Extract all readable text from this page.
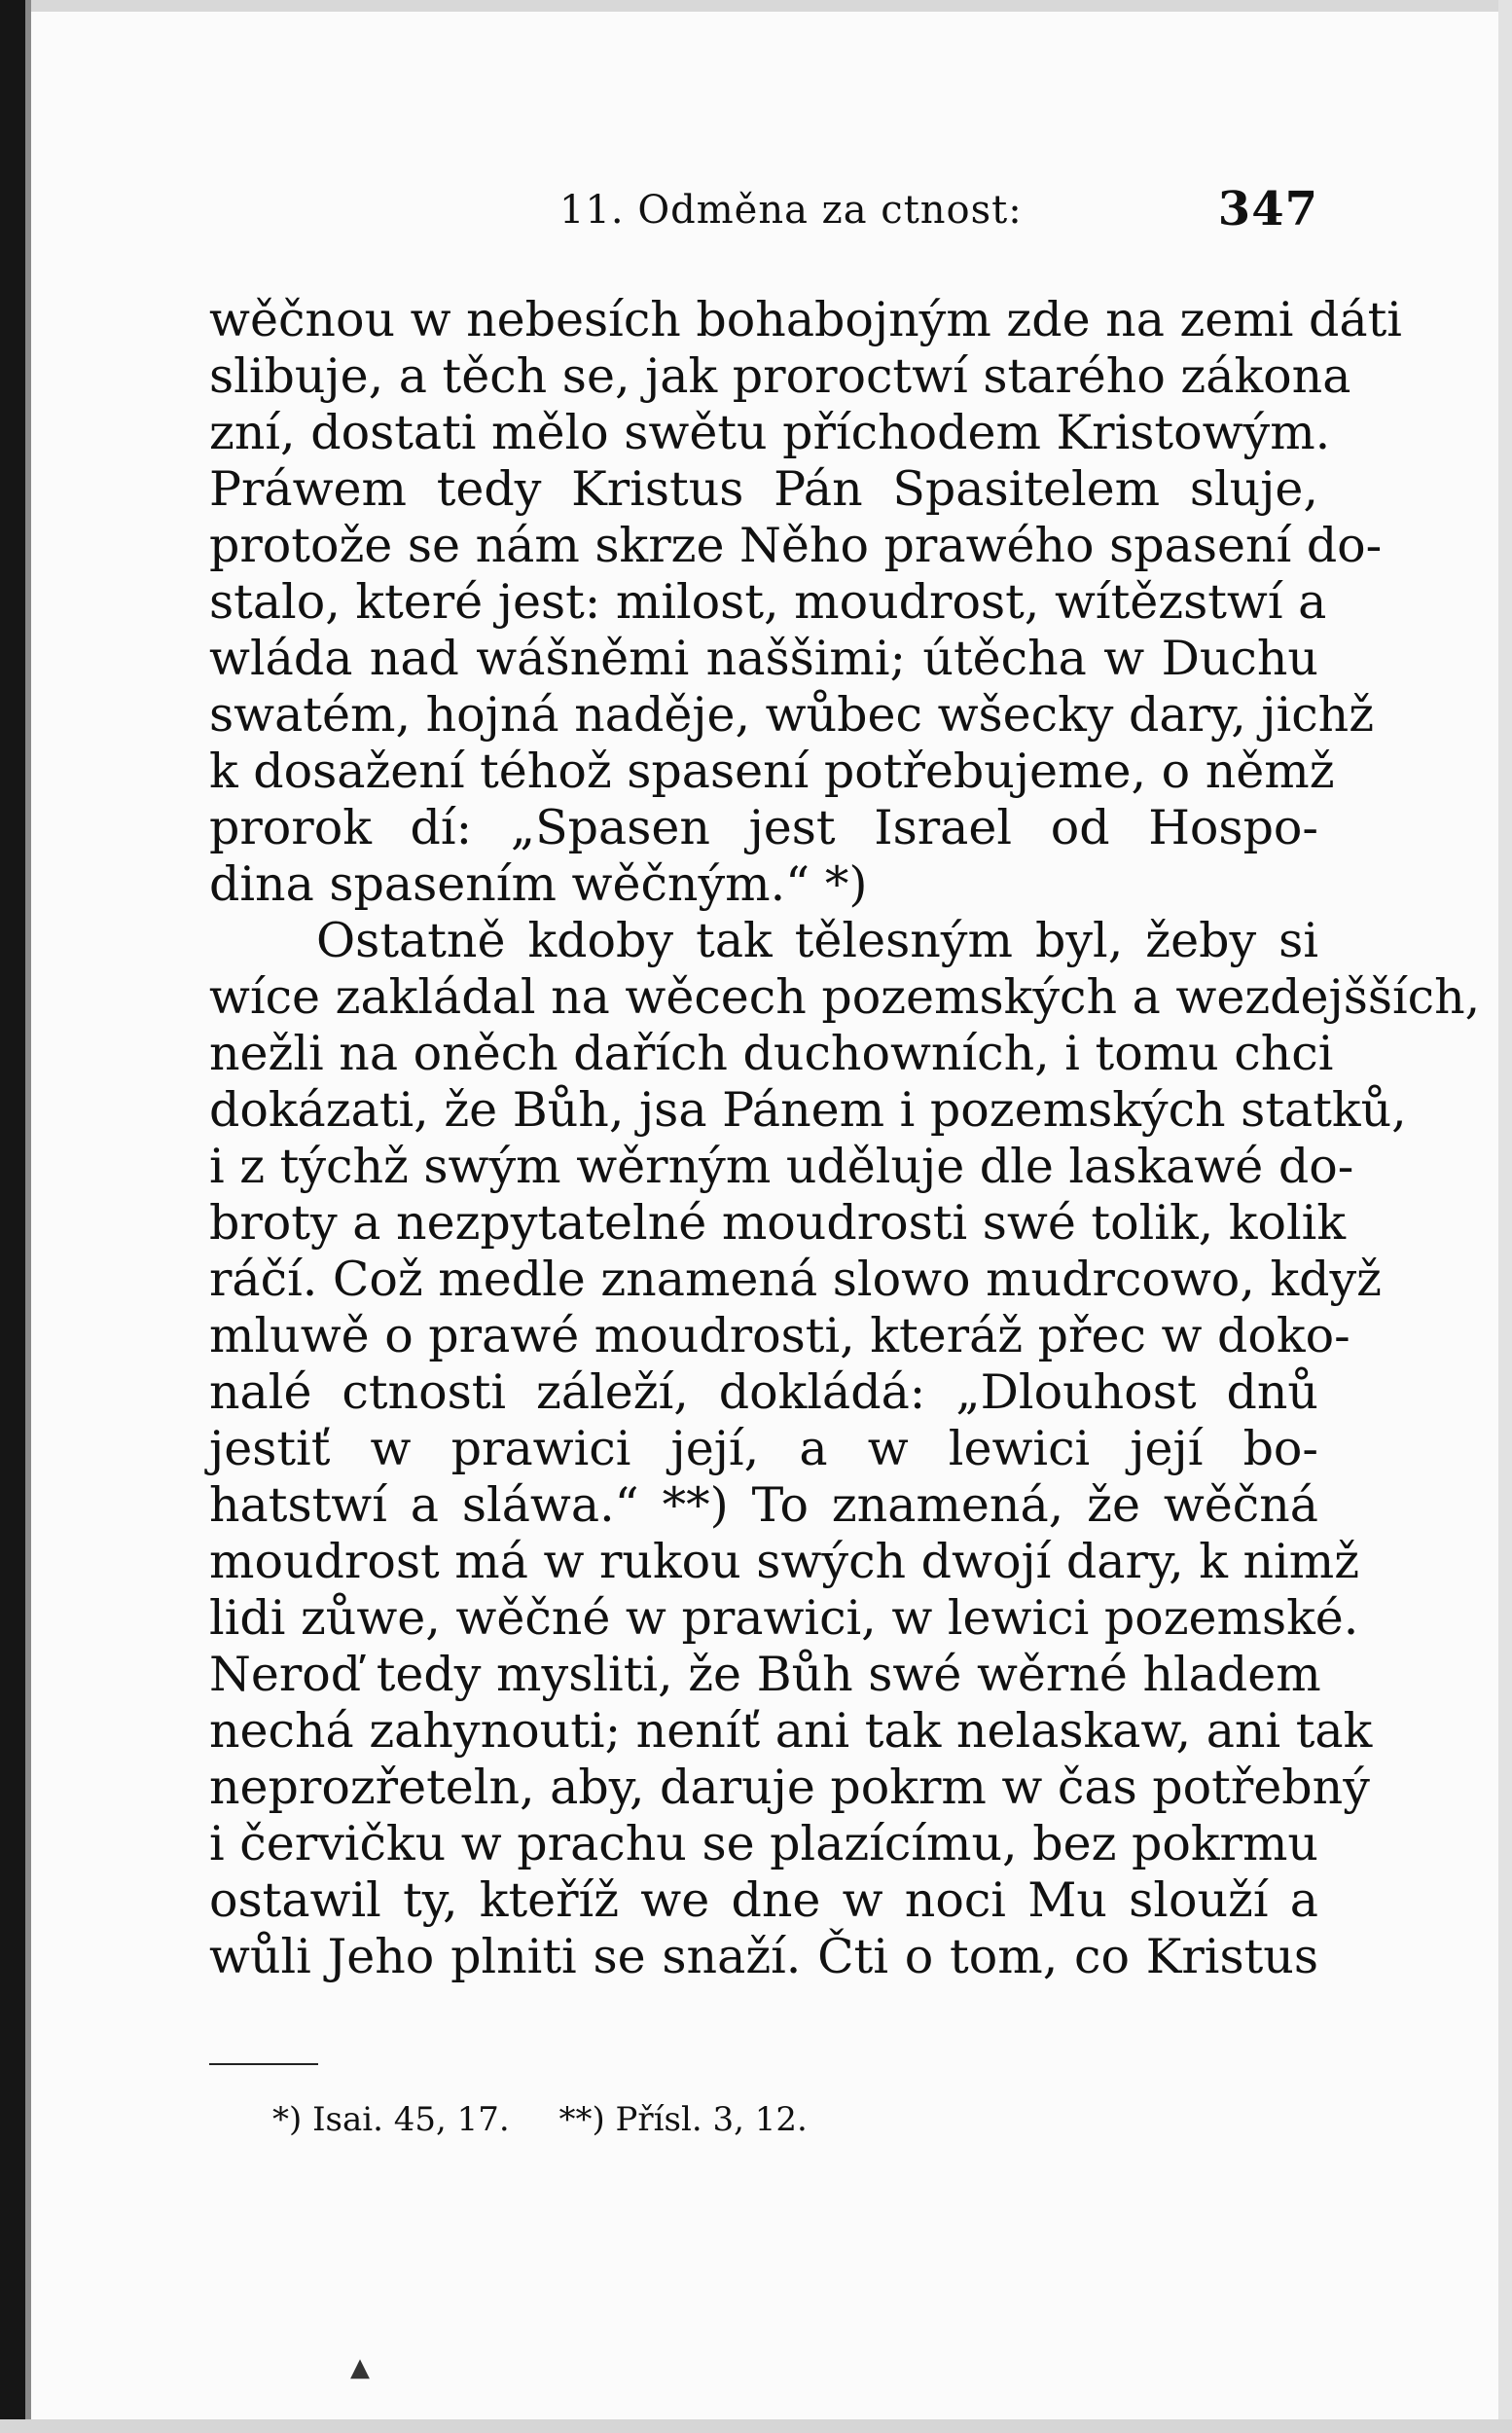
11. Odměna za ctnost:	347
wěčnou w nebesích bohabojným zde na zemi dáti
slibuje, a těch se, jak proroctwí starého zákona
zní, dostati mělo swětu příchodem Kristowým.
Práwem tedy Kristus Pán Spasitelem sluje,
protože se nám skrze Něho prawého spasení do-
stalo, které jest: milost, moudrost, wítězstwí a
wláda nad wášněmi naššimi; útěcha w Duchu
swatém, hojná naděje, wůbec wšecky dary, jichž
k dosažení téhož spasení potřebujeme, o němž
prorok dí: „Spasen jest Israel od Hospo-
dina spasením wěčným.“ *)
Ostatně kdoby tak tělesným byl, žeby si
wíce zakládal na wěcech pozemských a wezdejšších,
nežli na oněch dařích duchowních, i tomu chci
dokázati, že Bůh, jsa Pánem i pozemských statků,
i z týchž swým wěrným uděluje dle laskawé do-
broty a nezpytatelné moudrosti swé tolik, kolik
ráčí. Což medle znamená slowo mudrcowo, když
mluwě o prawé moudrosti, kteráž přec w doko-
nalé ctnosti záleží, dokládá: „Dlouhost dnů
jestiť w prawici její, a w lewici její bo-
hatstwí a sláwa.“ **) To znamená, že wěčná
moudrost má w rukou swých dwojí dary, k nimž
lidi zůwe, wěčné w prawici, w lewici pozemské.
Neroď tedy mysliti, že Bůh swé wěrné hladem
nechá zahynouti; neníť ani tak nelaskaw, ani tak
neprozřeteln, aby, daruje pokrm w čas potřebný
i červičku w prachu se plazícímu, bez pokrmu
ostawil ty, kteříž we dne w noci Mu slouží a
wůli Jeho plniti se snaží. Čti o tom, co Kristus
*) Isai. 45, 17. **) Přísl. 3, 12.
▲
